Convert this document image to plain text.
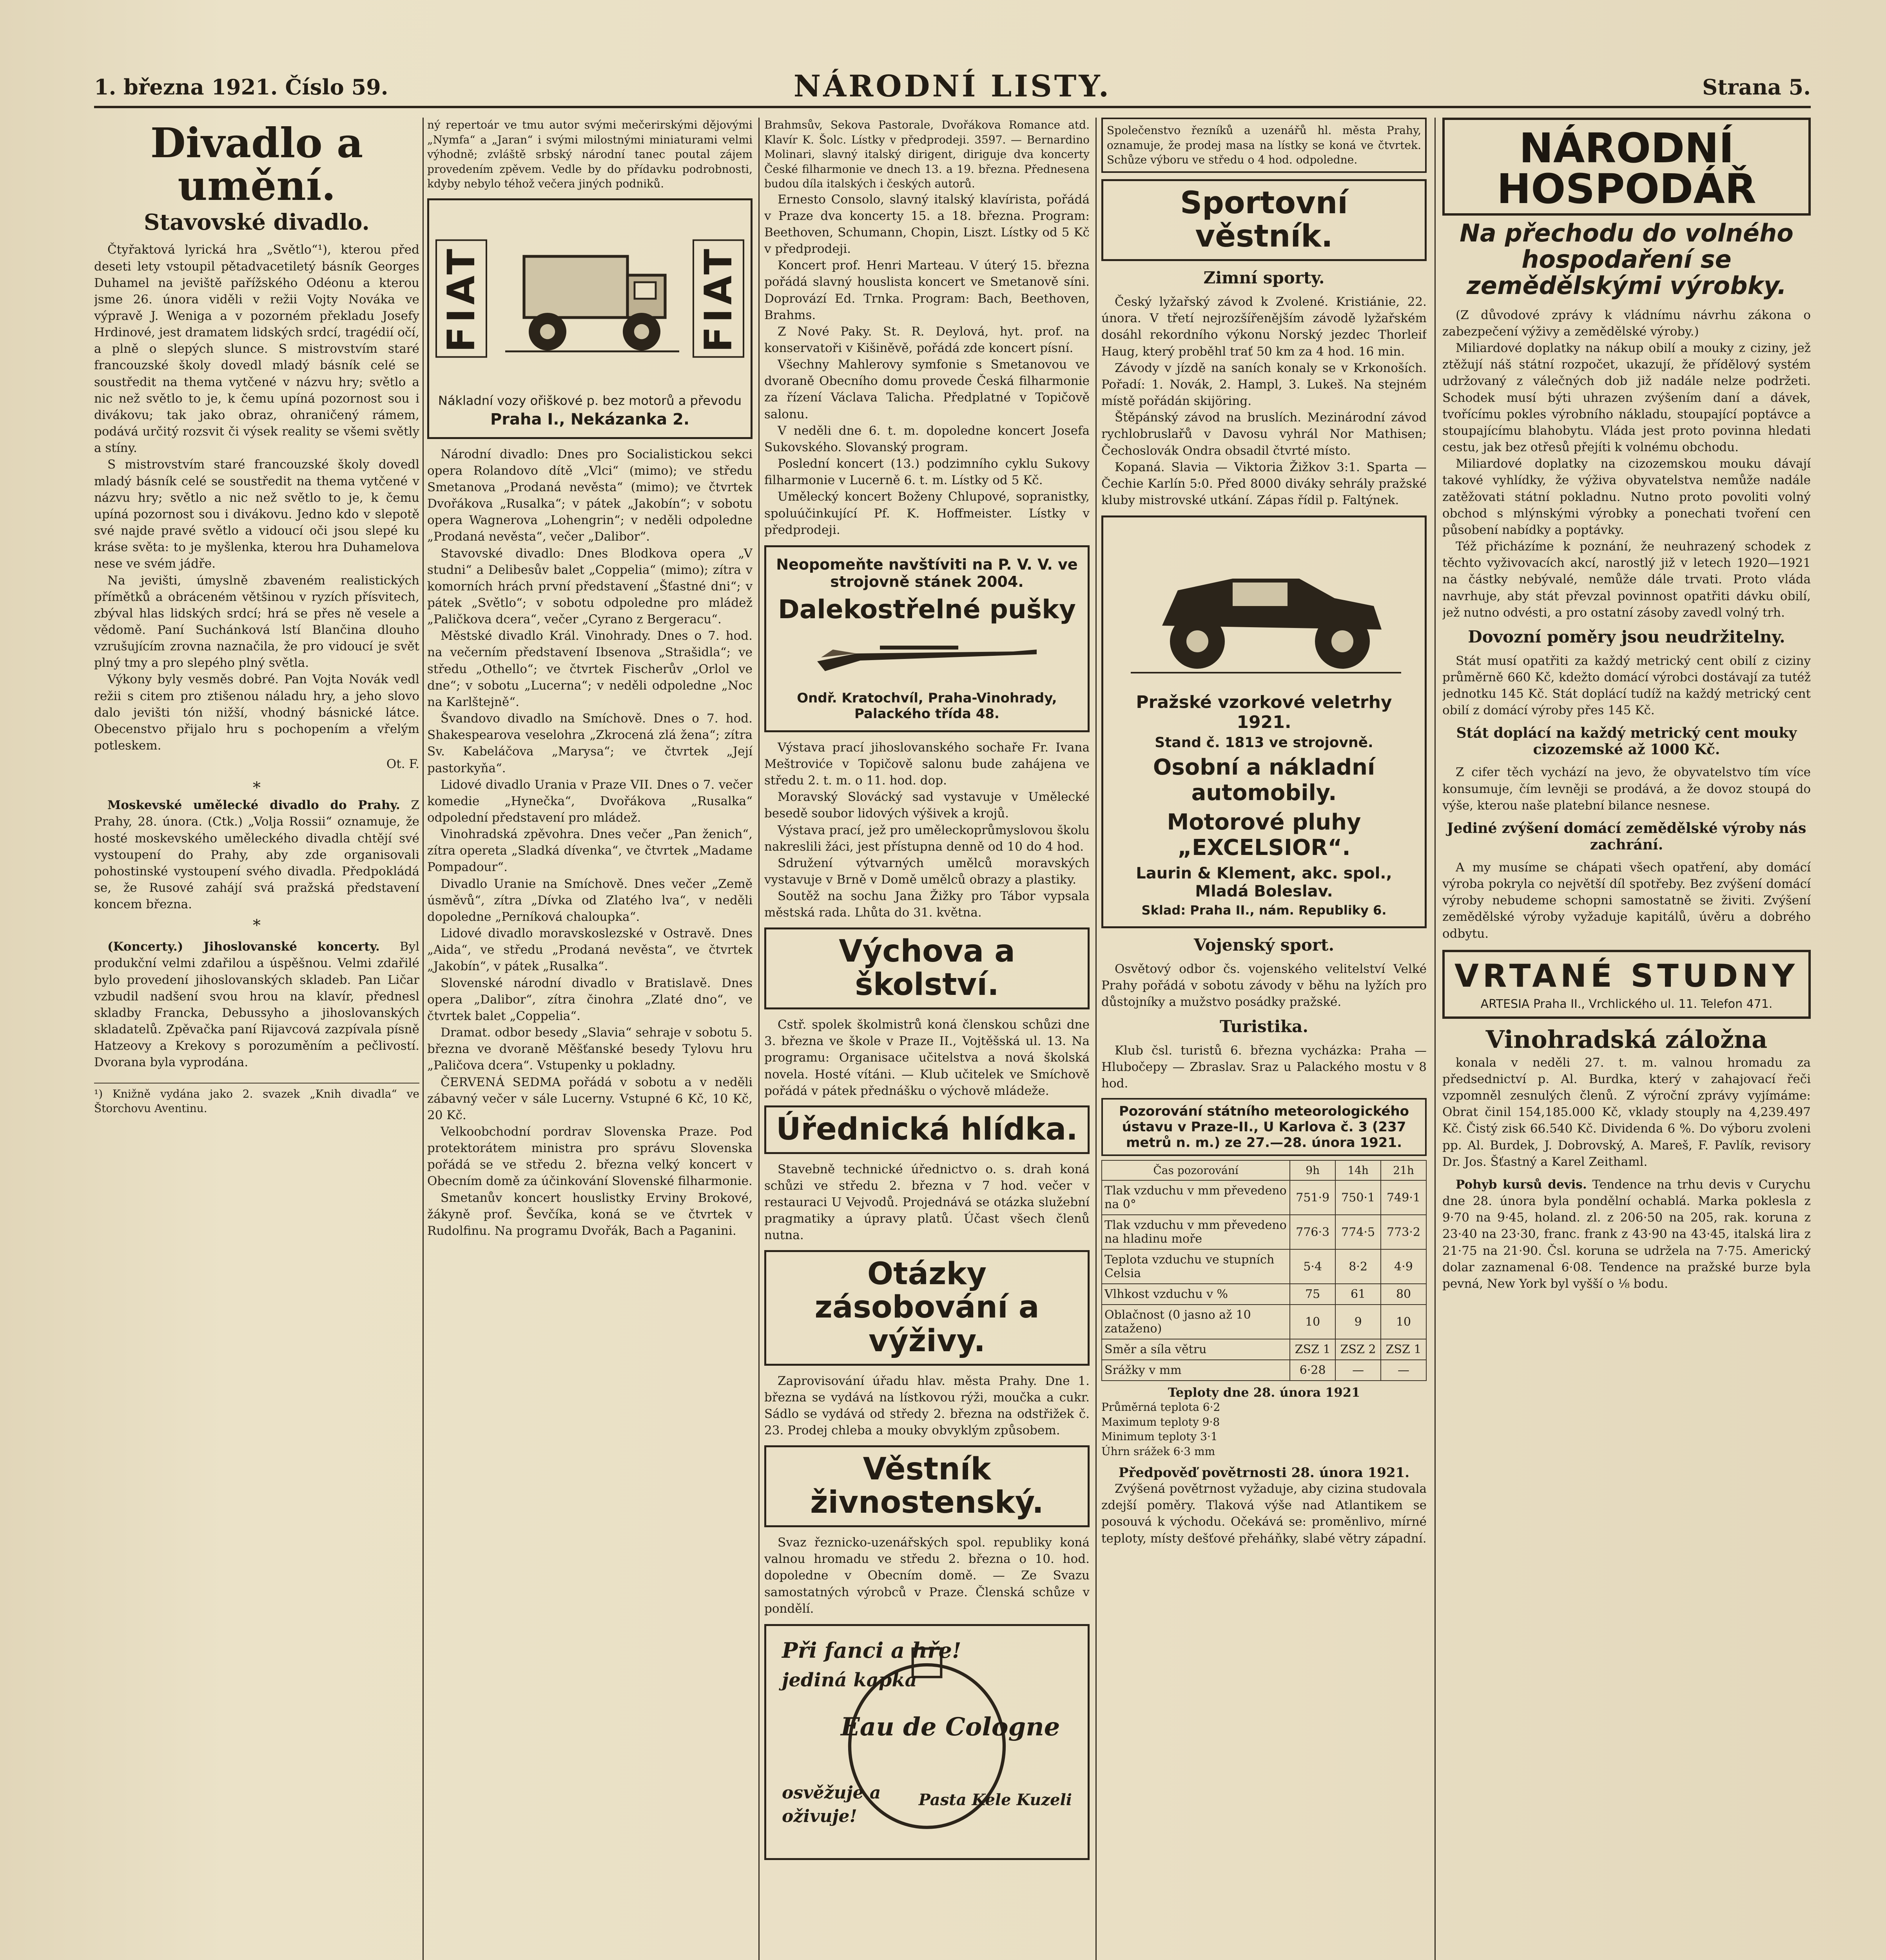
1. března 1921. Číslo 59.	NÁRODNÍ LISTY.	Strana 5.
Divadlo a umění.
Stavovské divadlo.

Čtyřaktová lyrická hra „Světlo“¹), kterou před deseti lety vstoupil pětadvacetiletý básník Georges Duhamel na jeviště pařížského Odéonu a kterou jsme 26. února viděli v režii Vojty Nováka ve výpravě J. Wenigа a v pozorném překladu Josefy Hrdinové, jest dramatem lidských srdcí, tragédií očí, a plně o slepých slunce. S mistrovstvím staré francouzské školy dovedl mladý básník celé se soustředit na thema vytčené v názvu hry; světlo a nic než světlo to je, k čemu upíná pozornost sou i divákovu; tak jako obraz, ohraničený rámem, podává určitý rozsvit či výsek reality se všemi světly a stíny.

S mistrovstvím staré francouzské školy dovedl mladý básník celé se soustředit na thema vytčené v názvu hry; světlo a nic než světlo to je, k čemu upíná pozornost sou i divákovu. Jedno kdo v slepotě své najde pravé světlo a vidoucí oči jsou slepé ku kráse světa: to je myšlenka, kterou hra Duhamelova nese ve svém jádře.

Na jevišti, úmyslně zbaveném realistických přímětků a obráceném většinou v ryzích přísvitech, zbýval hlas lidských srdcí; hrá se přes ně vesele a vědomě. Paní Suchánková lstí Blančina dlouho vzrušujícím zrovna naznačila, že pro vidoucí je svět plný tmy a pro slepého plný světla.

Výkony byly vesměs dobré. Pan Vojta Novák vedl režii s citem pro ztišenou náladu hry, a jeho slovo dalo jevišti tón nižší, vhodný básnické látce. Obecenstvo přijalo hru s pochopením a vřelým potleskem.

Ot. F.
*

Moskevské umělecké divadlo do Prahy. Z Prahy, 28. února. (Ctk.) „Volja Rossii“ oznamuje, že hosté moskevského uměleckého divadla chtějí své vystoupení do Prahy, aby zde organisovali pohostinské vystoupení svého divadla. Předpokládá se, že Rusové zahájí svá pražská představení koncem března.

*

(Koncerty.) Jihoslovanské koncerty. Byl produkční velmi zdařilou a úspěšnou. Velmi zdařilé bylo provedení jihoslovanských skladeb. Pan Ličar vzbudil nadšení svou hrou na klavír, přednesl skladby Francka, Debussyho a jihoslovanských skladatelů. Zpěvačka paní Rijavcová zazpívala písně Hatzeovy a Krekovy s porozuměním a pečlivostí. Dvorana byla vyprodána.

¹) Knižně vydána jako 2. svazek „Knih divadla“ ve Štorchovu Aventinu.

ný repertoár ve tmu autor svými mečerirskými dějovými „Nymfa“ a „Jaran“ i svými milostnými miniaturami velmi výhodně; zvláště srbský národní tanec poutal zájem provedením zpěvem. Vedle by do přídavku podrobnosti, kdyby nebylo téhož večera jiných podniků.

FIAT	FIAT
Nákladní vozy ořiškové p. bez motorů a převodu
Praha I., Nekázanka 2.

Národní divadlo: Dnes pro Socialistickou sekci opera Rolandovo dítě „Vlci“ (mimo); ve středu Smetanova „Prodaná nevěsta“ (mimo); ve čtvrtek Dvořákova „Rusalka“; v pátek „Jakobín“; v sobotu opera Wagnerova „Lohengrin“; v neděli odpoledne „Prodaná nevěsta“, večer „Dalibor“.

Stavovské divadlo: Dnes Blodkova opera „V studni“ a Delibesův balet „Coppelia“ (mimo); zítra v komorních hrách první představení „Šťastné dni“; v pátek „Světlo“; v sobotu odpoledne pro mládež „Paličkova dcera“, večer „Cyrano z Bergeracu“.

Městské divadlo Král. Vinohrady. Dnes o 7. hod. na večerním představení Ibsenova „Strašidla“; ve středu „Othello“; ve čtvrtek Fischerův „Orlol ve dne“; v sobotu „Lucerna“; v neděli odpoledne „Noc na Karlštejně“.

Švandovo divadlo na Smíchově. Dnes o 7. hod. Shakespearova veselohra „Zkrocená zlá žena“; zítra Sv. Kabeláčova „Marysa“; ve čtvrtek „Její pastorkyňa“.

Lidové divadlo Urania v Praze VII. Dnes o 7. večer komedie „Hynečka“, Dvořákova „Rusalka“ odpolední představení pro mládež.

Vinohradská zpěvohra. Dnes večer „Pan ženich“, zítra opereta „Sladká dívenka“, ve čtvrtek „Madame Pompadour“.

Divadlo Uranie na Smíchově. Dnes večer „Země úsměvů“, zítra „Dívka od Zlatého lva“, v neděli dopoledne „Perníková chaloupka“.

Lidové divadlo moravskoslezské v Ostravě. Dnes „Aida“, ve středu „Prodaná nevěsta“, ve čtvrtek „Jakobín“, v pátek „Rusalka“.

Slovenské národní divadlo v Bratislavě. Dnes opera „Dalibor“, zítra činohra „Zlaté dno“, ve čtvrtek balet „Coppelia“.

Dramat. odbor besedy „Slavia“ sehraje v sobotu 5. března ve dvoraně Měšťanské besedy Tylovu hru „Paličova dcera“. Vstupenky u pokladny.

ČERVENÁ SEDMA pořádá v sobotu a v neděli zábavný večer v sále Lucerny. Vstupné 6 Kč, 10 Kč, 20 Kč.

Velkoobchodní pordrav Slovenska Praze. Pod protektorátem ministra pro správu Slovenska pořádá se ve středu 2. března velký koncert v Obecním domě za účinkování Slovenské filharmonie.

Smetanův koncert houslistky Erviny Brokové, žákyně prof. Ševčíka, koná se ve čtvrtek v Rudolfinu. Na programu Dvořák, Bach a Paganini.

Brahmsův, Sekova Pastorale, Dvořákova Romance atd. Klavír K. Šolc. Lístky v předprodeji. 3597. — Bernardino Molinari, slavný italský dirigent, diriguje dva koncerty České filharmonie ve dnech 13. a 19. března. Přednesena budou díla italských i českých autorů.

Ernesto Consolo, slavný italský klavírista, pořádá v Praze dva koncerty 15. a 18. března. Program: Beethoven, Schumann, Chopin, Liszt. Lístky od 5 Kč v předprodeji.

Koncert prof. Henri Marteau. V úterý 15. března pořádá slavný houslista koncert ve Smetanově síni. Doprovází Ed. Trnka. Program: Bach, Beethoven, Brahms.

Z Nové Paky. St. R. Deylová, hyt. prof. na konservatoři v Kišiněvě, pořádá zde koncert písní.

Všechny Mahlerovy symfonie s Smetanovou ve dvoraně Obecního domu provede Česká filharmonie za řízení Václava Talicha. Předplatné v Topičově salonu.

V neděli dne 6. t. m. dopoledne koncert Josefa Sukovského. Slovanský program.

Poslední koncert (13.) podzimního cyklu Sukovy filharmonie v Lucerně 6. t. m. Lístky od 5 Kč.

Umělecký koncert Boženy Chlupové, sopranistky, spoluúčinkující Pf. K. Hoffmeister. Lístky v předprodeji.

Neopomeňte navštíviti na P. V. V. ve strojovně stánek 2004.
Dalekostřelné pušky
Ondř. Kratochvíl, Praha-Vinohrady, Palackého třída 48.

Výstava prací jihoslovanského sochaře Fr. Ivana Meštroviće v Topičově salonu bude zahájena ve středu 2. t. m. o 11. hod. dop.

Moravský Slovácký sad vystavuje v Umělecké besedě soubor lidových výšivek a krojů.

Výstava prací, jež pro uměleckoprůmyslovou školu nakreslili žáci, jest přístupna denně od 10 do 4 hod.

Sdružení výtvarných umělců moravských vystavuje v Brně v Domě umělců obrazy a plastiky.

Soutěž na sochu Jana Žižky pro Tábor vypsala městská rada. Lhůta do 31. května.

Výchova a školství.

Cstř. spolek školmistrů koná členskou schůzi dne 3. března ve škole v Praze II., Vojtěšská ul. 13. Na programu: Organisace učitelstva a nová školská novela. Hosté vítáni. — Klub učitelek ve Smíchově pořádá v pátek přednášku o výchově mládeže.

Úřednická hlídka.

Stavebně technické úřednictvo o. s. drah koná schůzi ve středu 2. března v 7 hod. večer v restauraci U Vejvodů. Projednává se otázka služební pragmatiky a úpravy platů. Účast všech členů nutna.

Otázky zásobování a výživy.

Zaprovisování úřadu hlav. města Prahy. Dne 1. března se vydává na lístkovou rýži, moučka a cukr. Sádlo se vydává od středy 2. března na odstřižek č. 23. Prodej chleba a mouky obvyklým způsobem.

Věstník živnostenský.

Svaz řeznicko-uzenářských spol. republiky koná valnou hromadu ve středu 2. března o 10. hod. dopoledne v Obecním domě. — Ze Svazu samostatných výrobců v Praze. Členská schůze v pondělí.

Při fanci a hře!
jediná kapka
Eau de Cologne
osvěžuje a
oživuje!
Pasta Kele Kuzeli

Společenstvo řezníků a uzenářů hl. města Prahy, oznamuje, že prodej masa na lístky se koná ve čtvrtek. Schůze výboru ve středu o 4 hod. odpoledne.

Sportovní věstník.
Zimní sporty.

Český lyžařský závod k Zvolené. Kristiánie, 22. února. V třetí nejrozšířenějším závodě lyžařském dosáhl rekordního výkonu Norský jezdec Thorleif Haug, který proběhl trať 50 km za 4 hod. 16 min.

Závody v jízdě na saních konaly se v Krkonoších. Pořadí: 1. Novák, 2. Hampl, 3. Lukeš. Na stejném místě pořádán skijöring.

Štěpánský závod na bruslích. Mezinárodní závod rychlobruslařů v Davosu vyhrál Nor Mathisen; Čechoslovák Ondra obsadil čtvrté místo.

Kopaná. Slavia — Viktoria Žižkov 3:1. Sparta — Čechie Karlín 5:0. Před 8000 diváky sehrály pražské kluby mistrovské utkání. Zápas řídil p. Faltýnek.

Pražské vzorkové veletrhy 1921.
Stand č. 1813 ve strojovně.
Osobní a nákladní automobily.
Motorové pluhy „EXCELSIOR“.
Laurin & Klement, akc. spol., Mladá Boleslav.
Sklad: Praha II., nám. Republiky 6.
Vojenský sport.

Osvětový odbor čs. vojenského velitelství Velké Prahy pořádá v sobotu závody v běhu na lyžích pro důstojníky a mužstvo posádky pražské.

Turistika.

Klub čsl. turistů 6. března vycházka: Praha — Hlubočepy — Zbraslav. Sraz u Palackého mostu v 8 hod.

Pozorování státního meteorologického ústavu v Praze-II., U Karlova č. 3 (237 metrů n. m.) ze 27.—28. února 1921.
Čas pozorování	9h	14h	21h
Tlak vzduchu v mm převedeno na 0°	751·9	750·1	749·1
Tlak vzduchu v mm převedeno na hladinu moře	776·3	774·5	773·2
Teplota vzduchu ve stupních Celsia	5·4	8·2	4·9
Vlhkost vzduchu v %	75	61	80
Oblačnost (0 jasno až 10 zataženo)	10	9	10
Směr a síla větru	ZSZ 1	ZSZ 2	ZSZ 1
Srážky v mm	6·28	—	—
Teploty dne 28. února 1921
Průměrná teplota 6·2
Maximum teploty 9·8
Minimum teploty 3·1
Úhrn srážek 6·3 mm
Předpověď povětrnosti 28. února 1921.

Zvýšená povětrnost vyžaduje, aby cizina studovala zdejší poměry. Tlaková výše nad Atlantikem se posouvá k východu. Očekává se: proměnlivo, mírné teploty, místy dešťové přeháňky, slabé větry západní.

NÁRODNÍ HOSPODÁŘ
Na přechodu do volného hospodaření se zemědělskými výrobky.

(Z důvodové zprávy k vládnímu návrhu zákona o zabezpečení výživy a zemědělské výroby.)

Miliardové doplatky na nákup obilí a mouky z ciziny, jež ztěžují náš státní rozpočet, ukazují, že přídělový systém udržovaný z válečných dob již nadále nelze podržeti. Schodek musí býti uhrazen zvýšením daní a dávek, tvořícímu pokles výrobního nákladu, stoupající poptávce a stoupajícímu blahobytu. Vláda jest proto povinna hledati cestu, jak bez otřesů přejíti k volnému obchodu.

Miliardové doplatky na cizozemskou mouku dávají takové vyhlídky, že výživa obyvatelstva nemůže nadále zatěžovati státní pokladnu. Nutno proto povoliti volný obchod s mlýnskými výrobky a ponechati tvoření cen působení nabídky a poptávky.

Též přicházíme k poznání, že neuhrazený schodek z těchto vyživovacích akcí, narostlý již v letech 1920—1921 na částky nebývalé, nemůže dále trvati. Proto vláda navrhuje, aby stát převzal povinnost opatřiti dávku obilí, jež nutno odvésti, a pro ostatní zásoby zavedl volný trh.

Dovozní poměry jsou neudržitelny.

Stát musí opatřiti za každý metrický cent obilí z ciziny průměrně 660 Kč, kdežto domácí výrobci dostávají za tutéž jednotku 145 Kč. Stát doplácí tudíž na každý metrický cent obilí z domácí výroby přes 145 Kč.

Stát doplácí na každý metrický cent mouky cizozemské až 1000 Kč.

Z cifer těch vychází na jevo, že obyvatelstvo tím více konsumuje, čím levněji se prodává, a že dovoz stoupá do výše, kterou naše platební bilance nesnese.

Jediné zvýšení domácí zemědělské výroby nás zachrání.

A my musíme se chápati všech opatření, aby domácí výroba pokryla co největší díl spotřeby. Bez zvýšení domácí výroby nebudeme schopni samostatně se živiti. Zvýšení zemědělské výroby vyžaduje kapitálů, úvěru a dobrého odbytu.

VRTANÉ STUDNY
ARTESIA Praha II., Vrchlického ul. 11. Telefon 471.
Vinohradská záložna

konala v neděli 27. t. m. valnou hromadu za předsednictví p. Al. Burdka, který v zahajovací řeči vzpomněl zesnulých členů. Z výroční zprávy vyjímáme: Obrat činil 154,185.000 Kč, vklady stouply na 4,239.497 Kč. Čistý zisk 66.540 Kč. Dividenda 6 %. Do výboru zvoleni pp. Al. Burdek, J. Dobrovský, A. Mareš, F. Pavlík, revisory Dr. Jos. Šťastný a Karel Zeithaml.

Pohyb kursů devis. Tendence na trhu devis v Curychu dne 28. února byla pondělní ochablá. Marka poklesla z 9·70 na 9·45, holand. zl. z 206·50 na 205, rak. koruna z 23·40 na 23·30, franc. frank z 43·90 na 43·45, italská lira z 21·75 na 21·90. Čsl. koruna se udržela na 7·75. Americký dolar zaznamenal 6·08. Tendence na pražské burze byla pevná, New York byl vyšší o ⅛ bodu.
